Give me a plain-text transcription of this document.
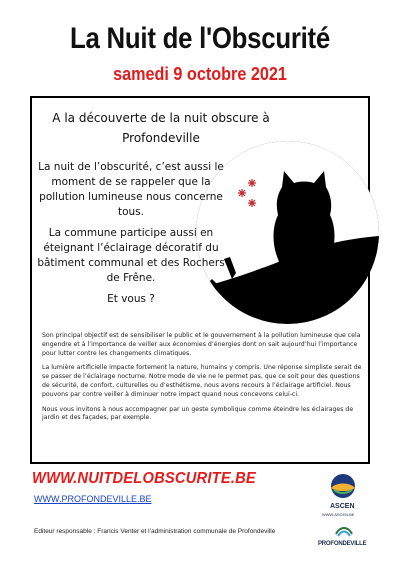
La Nuit de l'Obscurité
samedi 9 octobre 2021
A la découverte de la nuit obscure à Profondeville

La nuit de l’obscurité, c’est aussi le moment de se rappeler que la pollution lumineuse nous concerne tous.

La commune participe aussi en éteignant l’éclairage décoratif du bâtiment communal et des Rochers de Frêne.

Et vous ?

Son principal objectif est de sensibiliser le public et le gouvernement à la pollution lumineuse que cela engendre et à l’importance de veiller aux économies d’énergies dont on sait aujourd’hui l’importance pour lutter contre les changements climatiques.

La lumière artificielle impacte fortement la nature, humains y compris. Une réponse simpliste serait de se passer de l’éclairage nocturne. Notre mode de vie ne le permet pas, que ce soit pour des questions de sécurité, de confort, culturelles ou d’esthétisme, nous avons recours à l’éclairage artificiel. Nous pouvons par contre veiller à diminuer notre impact quand nous concevons celui-ci.

Nous vous invitons à nous accompagner par un geste symbolique comme éteindre les éclairages de jardin et des façades, par exemple.

WWW.NUITDELOBSCURITE.BE
WWW.PROFONDEVILLE.BE
Editeur responsable : Francis Venter et l’administration communale de Profondeville
ASCEN
WWW.ASCEN.BE
PROFONDEVILLE
